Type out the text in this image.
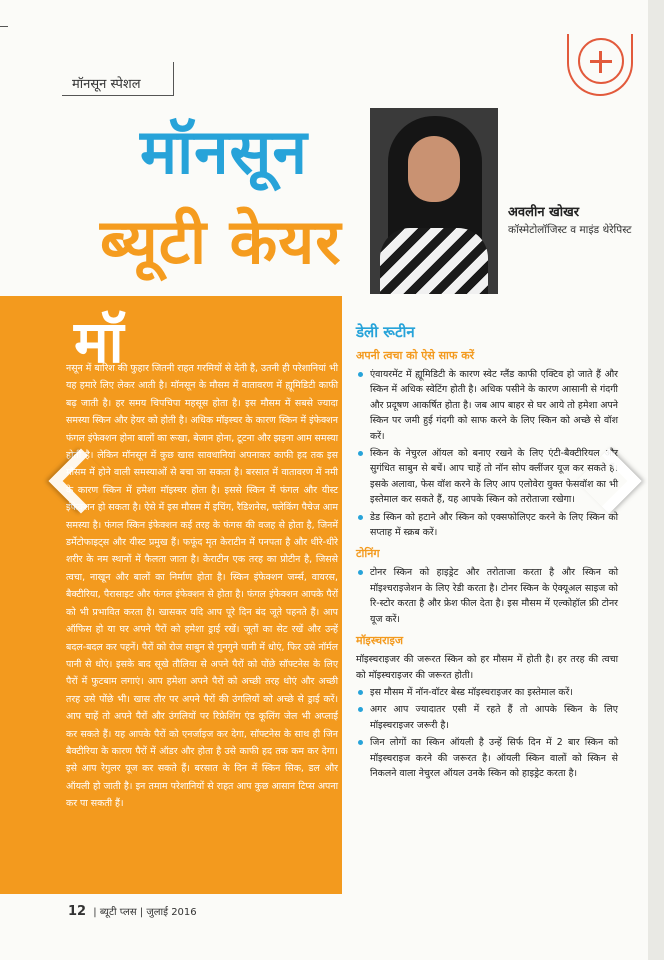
मॉनसून स्पेशल
मॉनसून
ब्यूटी केयर	अवलीन खोखर
कॉस्मेटोलॉजिस्ट व माइंड थेरेपिस्ट
मॉ
नसून में बारिश की फुहार जितनी राहत गरमियों से देती है, उतनी ही परेशानियां भी यह हमारे लिए लेकर आती है। मॉनसून के मौसम में वातावरण में ह्यूमिडिटी काफी बढ़ जाती है। हर समय चिपचिपा महसूस होता है। इस मौसम में सबसे ज्यादा समस्या स्किन और हेयर को होती है। अधिक मॉइस्चर के कारण स्किन में इंफेक्शन फंगल इंफेक्शन होना बालों का रूखा, बेजान होना, टूटना और झड़ना आम समस्या होती है। लेकिन मॉनसून में कुछ खास सावधानियां अपनाकर काफी हद तक इस मौसम में होने वाली समस्याओं से बचा जा सकता है। बरसात में वातावरण में नमी के कारण स्किन में हमेशा मॉइस्चर होता है। इससे स्किन में फंगल और यीस्ट इंफेक्शन हो सकता है। ऐसे में इस मौसम में इचिंग, रैडिशनेस, फ्लेकिंग पैचेज आम समस्या है। फंगल स्किन इंफेक्शन कई तरह के फंगस की वजह से होता है, जिनमें डर्मेटोफाइट्स और यीस्ट प्रमुख हैं। फफूंद मृत केराटीन में पनपता है और धीरे-धीरे शरीर के नम स्थानों में फैलता जाता है। केराटीन एक तरह का प्रोटीन है, जिससे त्वचा, नाखून और बालों का निर्माण होता है। स्किन इंफेक्शन जर्म्स, वायरस, बैक्टीरिया, पैरासाइट और फंगल इंफेक्शन से होता है। फंगल इंफेक्शन आपके पैरों को भी प्रभावित करता है। खासकर यदि आप पूरे दिन बंद जूते पहनते हैं। आप ऑफिस हो या घर अपने पैरों को हमेशा ड्राई रखें। जूतों का सेट रखें और उन्हें बदल-बदल कर पहनें। पैरों को रोज साबुन से गुनगुने पानी में धोएं, फिर उसे नॉर्मल पानी से धोएं। इसके बाद सूखे तौलिया से अपने पैरों को पोंछे सॉफ्टनेस के लिए पैरों में फुटबाम लगाएं। आप हमेशा अपने पैरों को अच्छी तरह धोएं और अच्छी तरह उसे पोंछे भी। खास तौर पर अपने पैरों की उंगलियों को अच्छे से ड्राई करें। आप चाहें तो अपने पैरों और उंगलियों पर रिफ्रेशिंग एंड कूलिंग जेल भी अप्लाई कर सकते हैं। यह आपके पैरों को एनर्जाइज कर देगा, सॉफ्टनेस के साथ ही जिन बैक्टीरिया के कारण पैरों में ऑडर और होता है उसे काफी हद तक कम कर देगा। इसे आप रेगुलर यूज कर सकते हैं। बरसात के दिन में स्किन सिक, डल और ऑयली हो जाती है। इन तमाम परेशानियों से राहत आप कुछ आसान टिप्स अपना कर पा सकती हैं।
डेली रूटीन
अपनी त्वचा को ऐसे साफ करें
एंवायरमेंट में ह्यूमिडिटी के कारण स्वेट ग्लैंड काफी एक्टिव हो जाते हैं और स्किन में अधिक स्वेटिंग होती है। अधिक पसीने के कारण आसानी से गंदगी और प्रदूषण आकर्षित होता है। जब आप बाहर से घर आये तो हमेशा अपने स्किन पर जमी हुई गंदगी को साफ करने के लिए स्किन को अच्छे से वॉश करें।
स्किन के नेचुरल ऑयल को बनाए रखने के लिए एंटी-बैक्टीरियल और सुगंधित साबुन से बचें। आप चाहें तो नॉन सोप क्लींजर यूज कर सकते हैं। इसके अलावा, फेस वॉश करने के लिए आप एलोवेरा युक्त फेसवॉश का भी इस्तेमाल कर सकते हैं, यह आपके स्किन को तरोताजा रखेगा।
डेड स्किन को हटाने और स्किन को एक्सफोलिएट करने के लिए स्किन को सप्ताह में स्क्रब करें।
टोनिंग
टोनर स्किन को हाइड्रेट और तरोताजा करता है और स्किन को मॉइश्चराइजेशन के लिए रेडी करता है। टोनर स्किन के ऐक्यूअल साइज को रि-स्टोर करता है और फ्रेश फील देता है। इस मौसम में एल्कोहॉल फ्री टोनर यूज करें।
मॉइस्चराइज

मॉइस्चराइजर की जरूरत स्किन को हर मौसम में होती है। हर तरह की त्वचा को मॉइस्चराइजर की जरूरत होती।

इस मौसम में नॉन-वॉटर बेस्ड मॉइस्चराइजर का इस्तेमाल करें।
अगर आप ज्यादातर एसी में रहते हैं तो आपके स्किन के लिए मॉइस्चराइजर जरूरी है।
जिन लोगों का स्किन ऑयली है उन्हें सिर्फ दिन में 2 बार स्किन को मॉइस्चराइज करने की जरूरत है। ऑयली स्किन वालों को स्किन से निकलने वाला नेचुरल ऑयल उनके स्किन को हाइड्रेट करता है।
12 | ब्यूटी प्लस | जुलाई 2016
